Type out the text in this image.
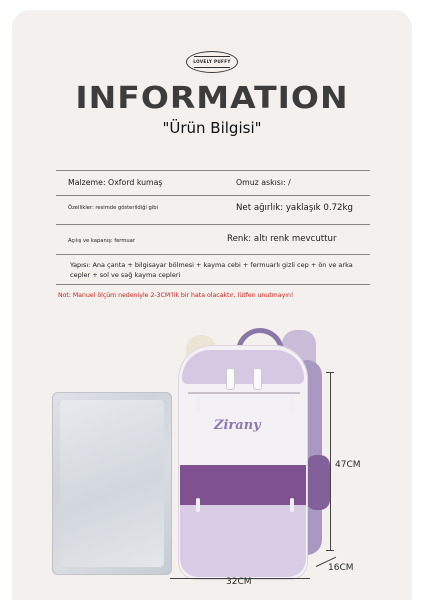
LOVELY PUFFY
INFORMATION
"Ürün Bilgisi"
Malzeme: Oxford kumaş	Omuz askısı: /
Özellikler: resimde gösterildiği gibi	Net ağırlık: yaklaşık 0.72kg
Açılış ve kapanış: fermuar	Renk: altı renk mevcuttur
Yapısı: Ana çanta + bilgisayar bölmesi + kayma cebi + fermuarlı gizli cep + ön ve arka cepler + sol ve sağ kayma cepleri
Not: Manuel ölçüm nedeniyle 2-3CM'lik bir hata olacaktır, lütfen unutmayın!
Zirany
47CM
32CM
16CM
